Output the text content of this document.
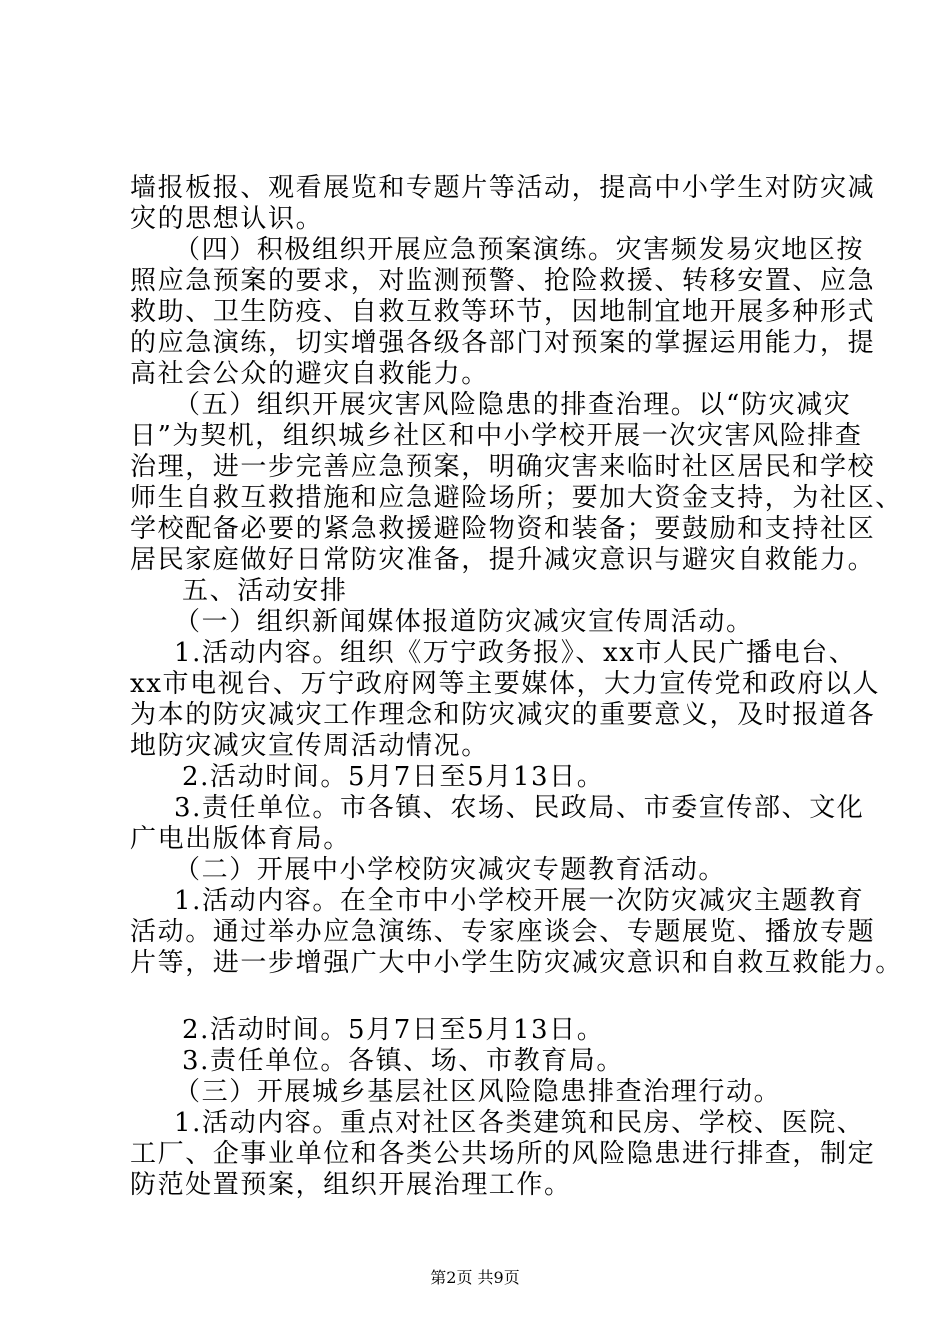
墙报板报、观看展览和专题片等活动，提高中小学生对防灾减
灾的思想认识。
（四）积极组织开展应急预案演练。灾害频发易灾地区按
照应急预案的要求，对监测预警、抢险救援、转移安置、应急
救助、卫生防疫、自救互救等环节，因地制宜地开展多种形式
的应急演练，切实增强各级各部门对预案的掌握运用能力，提
高社会公众的避灾自救能力。
（五）组织开展灾害风险隐患的排查治理。以“防灾减灾
日”为契机，组织城乡社区和中小学校开展一次灾害风险排查
治理，进一步完善应急预案，明确灾害来临时社区居民和学校
师生自救互救措施和应急避险场所；要加大资金支持，为社区、
学校配备必要的紧急救援避险物资和装备；要鼓励和支持社区
居民家庭做好日常防灾准备，提升减灾意识与避灾自救能力。
五、活动安排
（一）组织新闻媒体报道防灾减灾宣传周活动。
1.活动内容。组织《万宁政务报》、xx市人民广播电台、
xx市电视台、万宁政府网等主要媒体，大力宣传党和政府以人
为本的防灾减灾工作理念和防灾减灾的重要意义，及时报道各
地防灾减灾宣传周活动情况。
2.活动时间。5月7日至5月13日。
3.责任单位。市各镇、农场、民政局、市委宣传部、文化
广电出版体育局。
（二）开展中小学校防灾减灾专题教育活动。
1.活动内容。在全市中小学校开展一次防灾减灾主题教育
活动。通过举办应急演练、专家座谈会、专题展览、播放专题
片等，进一步增强广大中小学生防灾减灾意识和自救互救能力。
2.活动时间。5月7日至5月13日。
3.责任单位。各镇、场、市教育局。
（三）开展城乡基层社区风险隐患排查治理行动。
1.活动内容。重点对社区各类建筑和民房、学校、医院、
工厂、企事业单位和各类公共场所的风险隐患进行排查，制定
防范处置预案，组织开展治理工作。
第2页 共9页
